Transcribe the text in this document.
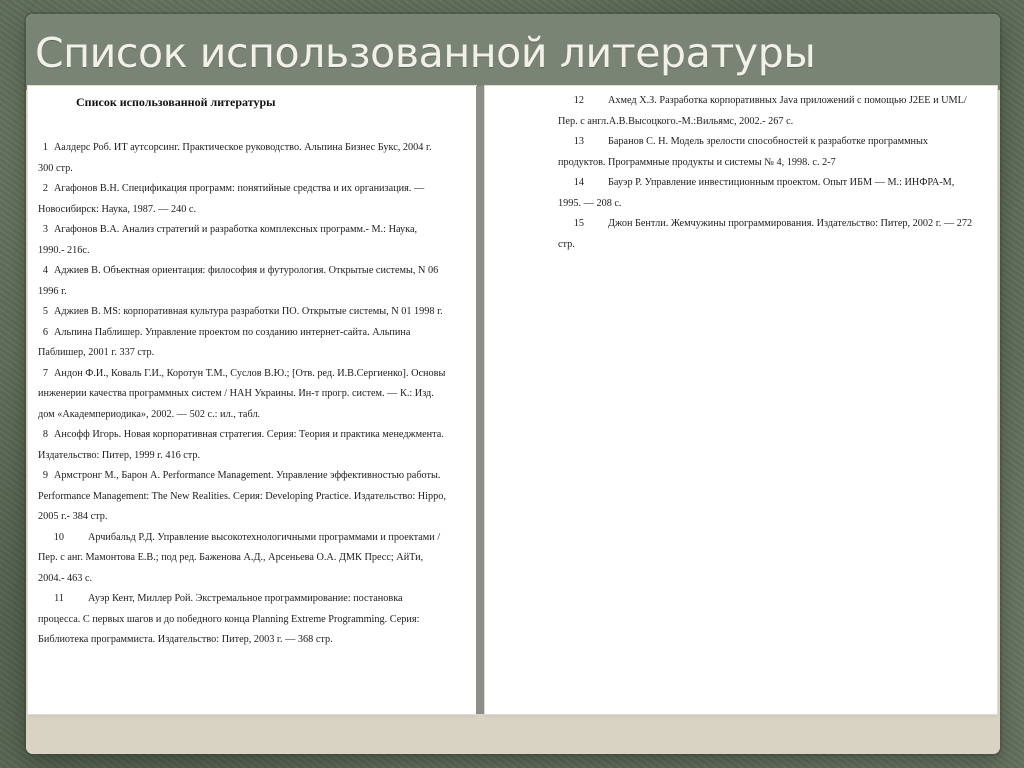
Список использованной литературы
Список использованной литературы

1 Аалдерс Роб. ИТ аутсорсинг. Практическое руководство. Альпина Бизнес Букс, 2004 г. 300 стр.

2 Агафонов В.Н. Спецификация программ: понятийные средства и их организация. — Новосибирск: Наука, 1987. — 240 с.

3 Агафонов В.А. Анализ стратегий и разработка комплексных программ.- М.: Наука, 1990.- 216с.

4 Аджиев В. Объектная ориентация: философия и футурология. Открытые системы, N 06 1996 г.

5 Аджиев В. MS: корпоративная культура разработки ПО. Открытые системы, N 01 1998 г.

6 Альпина Паблишер. Управление проектом по созданию интернет-сайта. Альпина Паблишер, 2001 г. 337 стр.

7 Андон Ф.И., Коваль Г.И., Коротун Т.М., Суслов В.Ю.; [Отв. ред. И.В.Сергиенко]. Основы инженерии качества программных систем / НАН Украины. Ин-т прогр. систем. — К.: Изд. дом «Академпериодика», 2002. — 502 с.: ил., табл.

8 Ансофф Игорь. Новая корпоративная стратегия. Серия: Теория и практика менеджмента. Издательство: Питер, 1999 г. 416 стр.

9 Армстронг М., Барон А. Performance Management. Управление эффективностью работы. Performance Management: The New Realities. Серия: Developing Practice. Издательство: Hippo, 2005 г.- 384 стр.

10 Арчибальд Р.Д. Управление высокотехнологичными программами и проектами / Пер. с анг. Мамонтова Е.В.; под ред. Баженова А.Д., Арсеньева О.А. ДМК Пресс; АйТи, 2004.- 463 с.

11 Ауэр Кент, Миллер Рой. Экстремальное программирование: постановка процесса. С первых шагов и до победного конца Planning Extreme Programming. Серия: Библиотека программиста. Издательство: Питер, 2003 г. — 368 стр.

12 Ахмед Х.З. Разработка корпоративных Java приложений с помощью J2EE и UML/ Пер. с англ.А.В.Высоцкого.-М.:Вильямс, 2002.- 267 с.

13 Баранов С. Н. Модель зрелости способностей к разработке программных продуктов. Программные продукты и системы № 4, 1998. с. 2-7

14 Бауэр Р. Управление инвестиционным проектом. Опыт ИБМ — М.: ИНФРА-М, 1995. — 208 с.

15 Джон Бентли. Жемчужины программирования. Издательство: Питер, 2002 г. — 272 стр.
